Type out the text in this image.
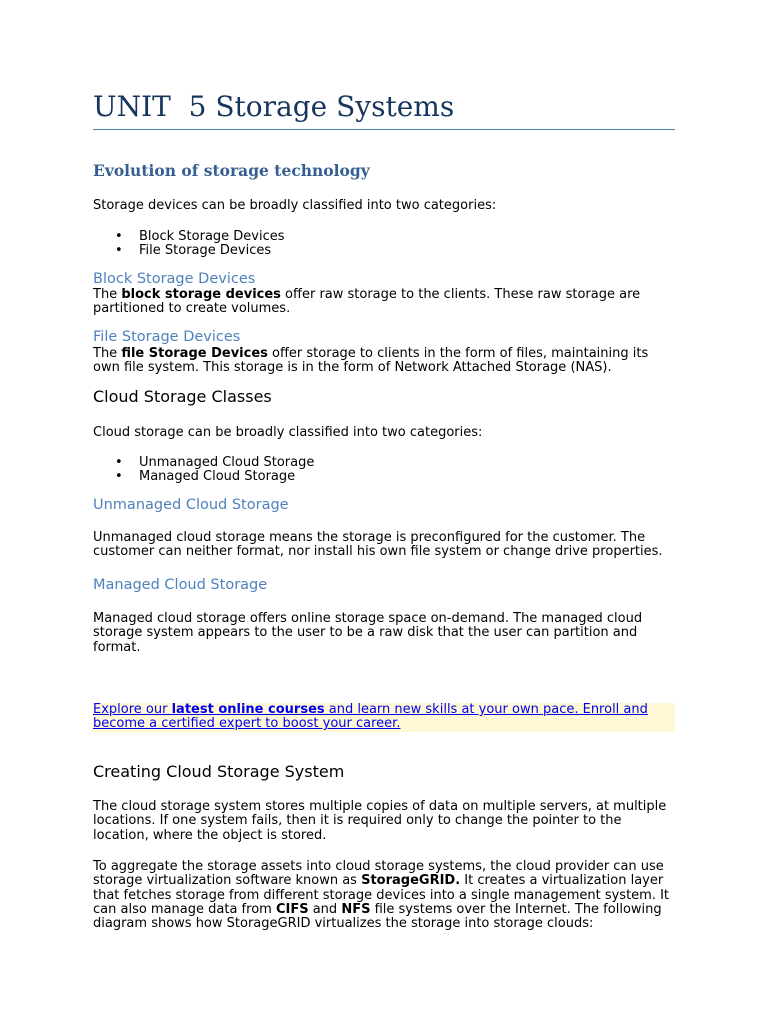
UNIT  5 Storage Systems
Evolution of storage technology
Storage devices can be broadly classified into two categories:
• Block Storage Devices
• File Storage Devices
Block Storage Devices
The block storage devices offer raw storage to the clients. These raw storage are partitioned to create volumes.
File Storage Devices
The file Storage Devices offer storage to clients in the form of files, maintaining its own file system. This storage is in the form of Network Attached Storage (NAS).
Cloud Storage Classes
Cloud storage can be broadly classified into two categories:
• Unmanaged Cloud Storage
• Managed Cloud Storage
Unmanaged Cloud Storage
Unmanaged cloud storage means the storage is preconfigured for the customer. The customer can neither format, nor install his own file system or change drive properties.
Managed Cloud Storage
Managed cloud storage offers online storage space on-demand. The managed cloud storage system appears to the user to be a raw disk that the user can partition and format.
Explore our latest online courses and learn new skills at your own pace. Enroll and become a certified expert to boost your career.
Creating Cloud Storage System
The cloud storage system stores multiple copies of data on multiple servers, at multiple locations. If one system fails, then it is required only to change the pointer to the location, where the object is stored.
To aggregate the storage assets into cloud storage systems, the cloud provider can use storage virtualization software known as StorageGRID. It creates a virtualization layer that fetches storage from different storage devices into a single management system. It can also manage data from CIFS and NFS file systems over the Internet. The following diagram shows how StorageGRID virtualizes the storage into storage clouds:
